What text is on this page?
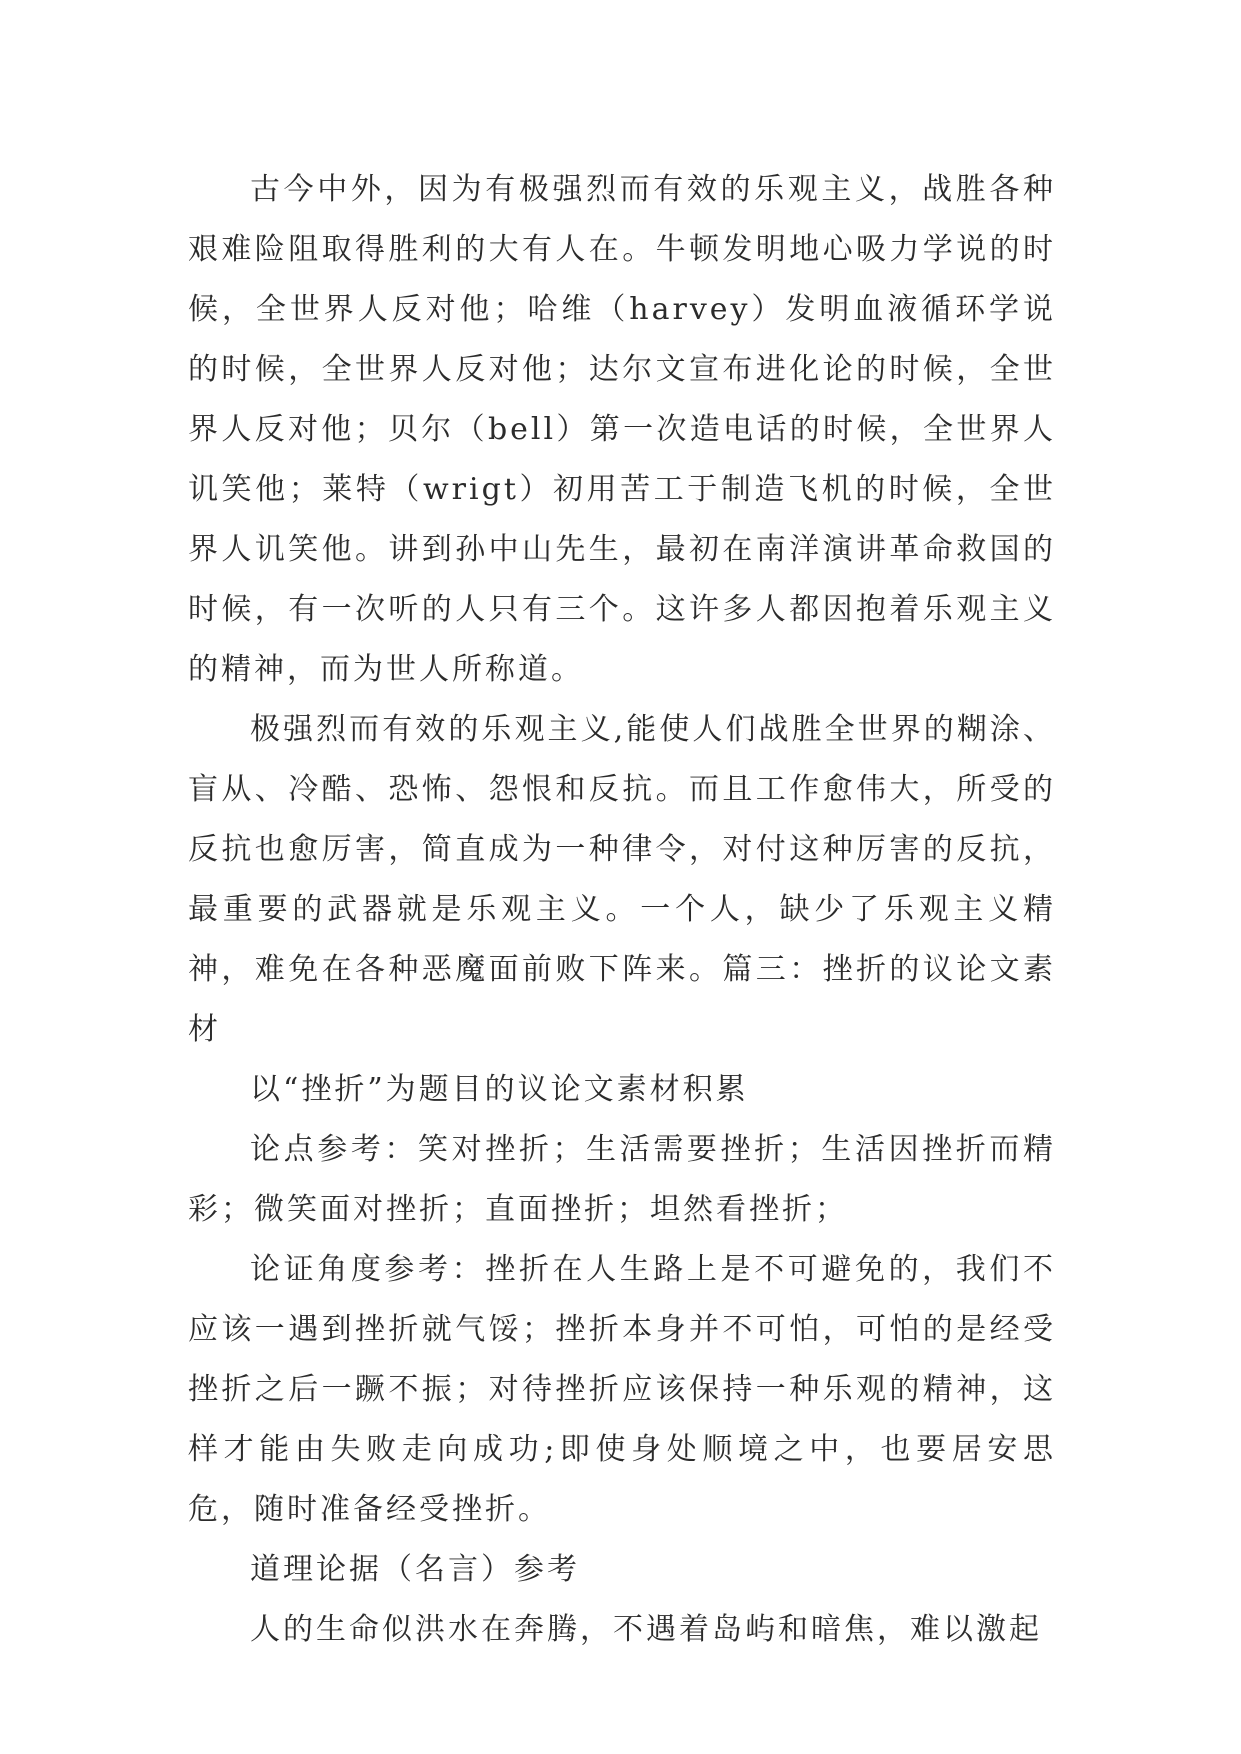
古今中外，因为有极强烈而有效的乐观主义，战胜各种艰难险阻取得胜利的大有人在。牛顿发明地心吸力学说的时候，全世界人反对他；哈维（harvey）发明血液循环学说的时候，全世界人反对他；达尔文宣布进化论的时候，全世界人反对他；贝尔（bell）第一次造电话的时候，全世界人讥笑他；莱特（wrigt）初用苦工于制造飞机的时候，全世界人讥笑他。讲到孙中山先生，最初在南洋演讲革命救国的时候，有一次听的人只有三个。这许多人都因抱着乐观主义的精神，而为世人所称道。

极强烈而有效的乐观主义,能使人们战胜全世界的糊涂、盲从、冷酷、恐怖、怨恨和反抗。而且工作愈伟大，所受的反抗也愈厉害，简直成为一种律令，对付这种厉害的反抗，最重要的武器就是乐观主义。一个人，缺少了乐观主义精神，难免在各种恶魔面前败下阵来。篇三：挫折的议论文素材

以“挫折”为题目的议论文素材积累

论点参考：笑对挫折；生活需要挫折；生活因挫折而精彩；微笑面对挫折；直面挫折；坦然看挫折；

论证角度参考：挫折在人生路上是不可避免的，我们不应该一遇到挫折就气馁；挫折本身并不可怕，可怕的是经受挫折之后一蹶不振；对待挫折应该保持一种乐观的精神，这样才能由失败走向成功;即使身处顺境之中，也要居安思危，随时准备经受挫折。

道理论据（名言）参考

人的生命似洪水在奔腾，不遇着岛屿和暗焦，难以激起
